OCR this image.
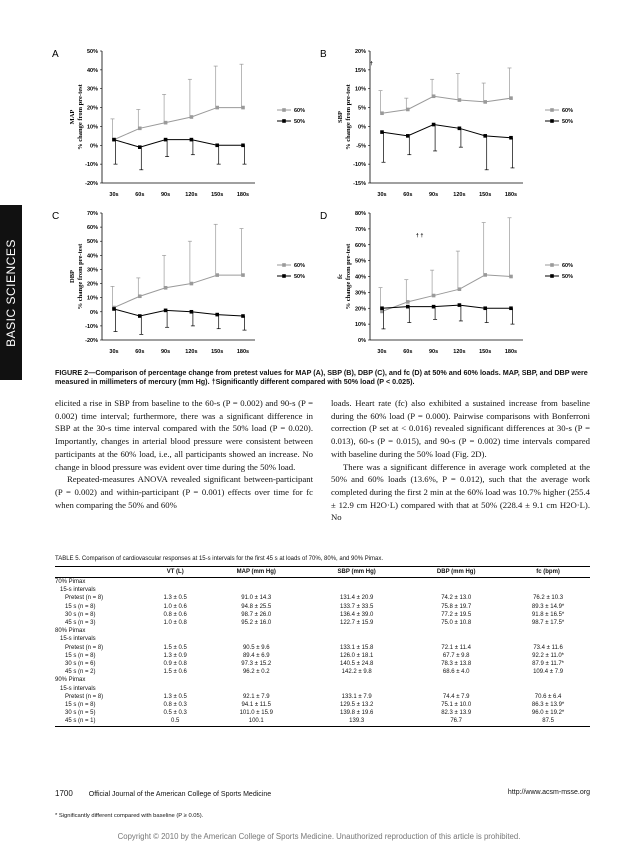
BASIC SCIENCES
A
MAP% change from pre-test
50%
40%
30%
20%
10%
0%
-10%
-20%
30s	60s	90s	120s 150s 180s
60%
50%
B
SBP% change from pre-test
20%
15%
10%
5%
0%
-5%
-10%
-15%
30s	60s	90s	120s 150s 180s
60%
50%
†
C
DBP% change from pre-test
70%
60%
50%
40%
30%
20%
10%
0%
-10%
-20%
30s	60s	90s	120s 150s 180s
60%
50%
D
fc% change from pre-test
80%
70%
60%
50%
40%
30%
20%
10%
0%
30s	60s	90s	120s 150s 180s
60%
50%
† †
FIGURE 2—Comparison of percentage change from pretest values for MAP (A), SBP (B), DBP (C), and fc (D) at 50% and 60% loads. MAP, SBP, and DBP were measured in millimeters of mercury (mm Hg). †Significantly different compared with 50% load (P < 0.025).

elicited a rise in SBP from baseline to the 60-s (P = 0.002) and 90-s (P = 0.002) time interval; furthermore, there was a significant difference in SBP at the 30-s time interval compared with the 50% load (P = 0.020). Importantly, changes in arterial blood pressure were consistent between participants at the 60% load, i.e., all participants showed an increase. No change in blood pressure was evident over time during the 50% load.

Repeated-measures ANOVA revealed significant between-participant (P = 0.002) and within-participant (P = 0.001) effects over time for fc when comparing the 50% and 60%

loads. Heart rate (fc) also exhibited a sustained increase from baseline during the 60% load (P = 0.000). Pairwise comparisons with Bonferroni correction (P set at < 0.016) revealed significant differences at 30-s (P = 0.013), 60-s (P = 0.015), and 90-s (P = 0.002) time intervals compared with baseline during the 50% load (Fig. 2D).

There was a significant difference in average work completed at the 50% and 60% loads (13.6%, P = 0.012), such that the average work completed during the first 2 min at the 60% load was 10.7% higher (255.4 ± 12.9 cm H2O·L) compared with that at 50% (228.4 ± 9.1 cm H2O·L). No

TABLE 5. Comparison of cardiovascular responses at 15-s intervals for the first 45 s at loads of 70%, 80%, and 90% Pimax.
	VT (L)	MAP (mm Hg)	SBP (mm Hg)	DBP (mm Hg)	fc (bpm)
70% Pimax					
15-s intervals					
Pretest (n = 8)	1.3 ± 0.5	91.0 ± 14.3	131.4 ± 20.9	74.2 ± 13.0	76.2 ± 10.3
15 s (n = 8)	1.0 ± 0.6	94.8 ± 25.5	133.7 ± 33.5	75.8 ± 19.7	89.3 ± 14.9*
30 s (n = 8)	0.8 ± 0.6	98.7 ± 26.0	136.4 ± 39.0	77.2 ± 19.5	91.8 ± 16.5*
45 s (n = 3)	1.0 ± 0.8	95.2 ± 16.0	122.7 ± 15.9	75.0 ± 10.8	98.7 ± 17.5*
80% Pimax					
15-s intervals					
Pretest (n = 8)	1.5 ± 0.5	90.5 ± 9.6	133.1 ± 15.8	72.1 ± 11.4	73.4 ± 11.6
15 s (n = 8)	1.3 ± 0.9	89.4 ± 6.9	126.0 ± 18.1	67.7 ± 9.8	92.2 ± 11.0*
30 s (n = 6)	0.9 ± 0.8	97.3 ± 15.2	140.5 ± 24.8	78.3 ± 13.8	87.9 ± 11.7*
45 s (n = 2)	1.5 ± 0.6	96.2 ± 0.2	142.2 ± 9.8	68.6 ± 4.0	109.4 ± 7.9
90% Pimax					
15-s intervals					
Pretest (n = 8)	1.3 ± 0.5	92.1 ± 7.9	133.1 ± 7.9	74.4 ± 7.9	70.6 ± 6.4
15 s (n = 8)	0.8 ± 0.3	94.1 ± 11.5	129.5 ± 13.2	75.1 ± 10.0	86.3 ± 13.9*
30 s (n = 5)	0.5 ± 0.3	101.0 ± 15.9	139.8 ± 19.6	82.3 ± 13.9	96.0 ± 19.2*
45 s (n = 1)	0.5	100.1	139.3	76.7	87.5
* Significantly different compared with baseline (P ≥ 0.05).
1700 Official Journal of the American College of Sports Medicine	http://www.acsm-msse.org
Copyright © 2010 by the American College of Sports Medicine. Unauthorized reproduction of this article is prohibited.
